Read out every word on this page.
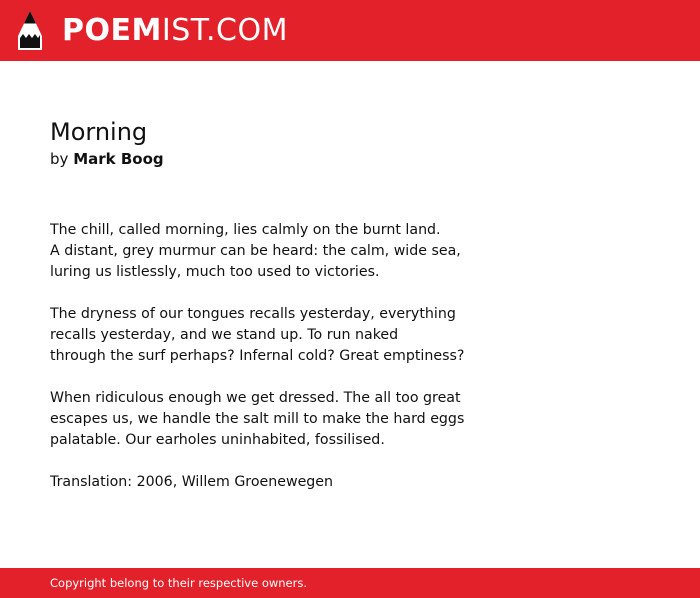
POEMIST.COM
Morning
by Mark Boog
The chill, called morning, lies calmly on the burnt land.
A distant, grey murmur can be heard: the calm, wide sea,
luring us listlessly, much too used to victories.
The dryness of our tongues recalls yesterday, everything
recalls yesterday, and we stand up. To run naked
through the surf perhaps? Infernal cold? Great emptiness?
When ridiculous enough we get dressed. The all too great
escapes us, we handle the salt mill to make the hard eggs
palatable. Our earholes uninhabited, fossilised.
Translation: 2006, Willem Groenewegen
Copyright belong to their respective owners.
